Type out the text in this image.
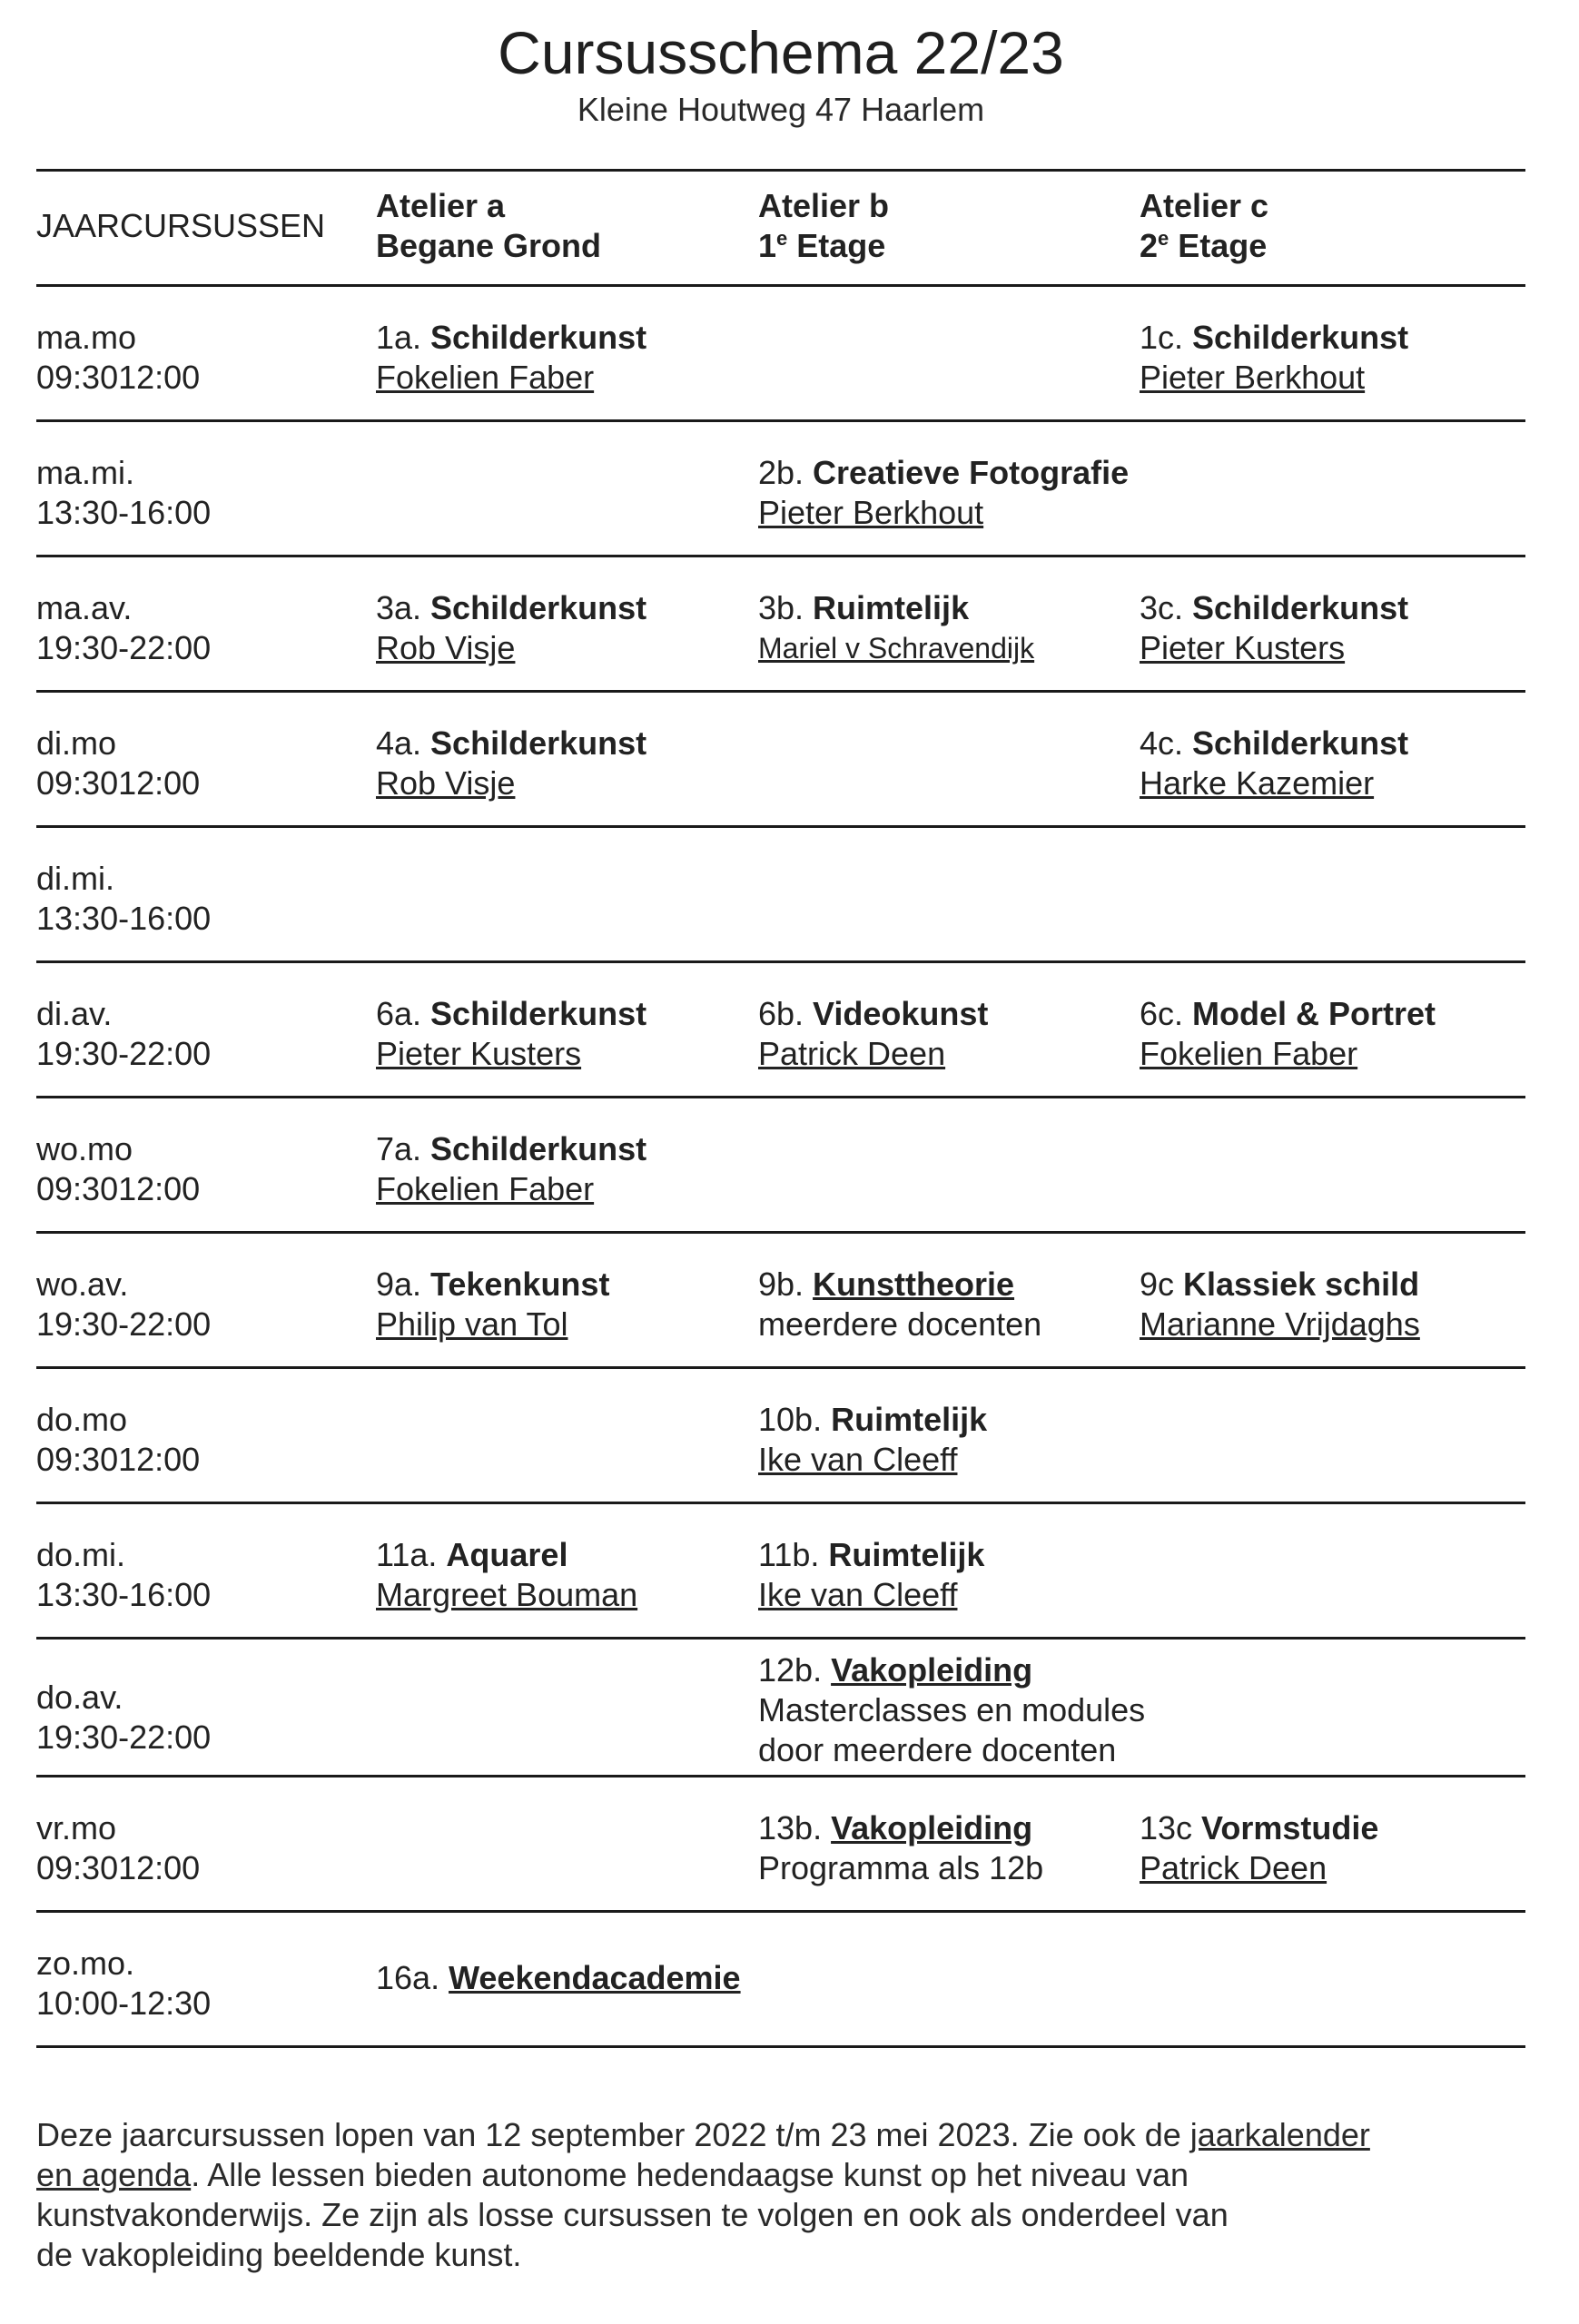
Cursusschema 22/23

Kleine Houtweg 47 Haarlem

JAARCURSUSSEN
Atelier a
Begane Grond
Atelier b
1e Etage
Atelier c
2e Etage
ma.mo
09:3012:00
1a. Schilderkunst
Fokelien Faber
1c. Schilderkunst
Pieter Berkhout
ma.mi.
13:30-16:00
2b. Creatieve Fotografie
Pieter Berkhout
ma.av.
19:30-22:00
3a. Schilderkunst
Rob Visje
3b. Ruimtelijk
Mariel v Schravendijk
3c. Schilderkunst
Pieter Kusters
di.mo
09:3012:00
4a. Schilderkunst
Rob Visje
4c. Schilderkunst
Harke Kazemier
di.mi.
13:30-16:00
di.av.
19:30-22:00
6a. Schilderkunst
Pieter Kusters
6b. Videokunst
Patrick Deen
6c. Model & Portret
Fokelien Faber
wo.mo
09:3012:00
7a. Schilderkunst
Fokelien Faber
wo.av.
19:30-22:00
9a. Tekenkunst
Philip van Tol
9b. Kunsttheorie
meerdere docenten
9c Klassiek schild
Marianne Vrijdaghs
do.mo
09:3012:00
10b. Ruimtelijk
Ike van Cleeff
do.mi.
13:30-16:00
11a. Aquarel
Margreet Bouman
11b. Ruimtelijk
Ike van Cleeff
do.av.
19:30-22:00
12b. Vakopleiding
Masterclasses en modules
door meerdere docenten
vr.mo
09:3012:00
13b. Vakopleiding
Programma als 12b
13c Vormstudie
Patrick Deen
zo.mo.
10:00-12:30
16a. Weekendacademie

Deze jaarcursussen lopen van 12 september 2022 t/m 23 mei 2023. Zie ook de jaarkalender
en agenda. Alle lessen bieden autonome hedendaagse kunst op het niveau van
kunstvakonderwijs. Ze zijn als losse cursussen te volgen en ook als onderdeel van
de vakopleiding beeldende kunst.
